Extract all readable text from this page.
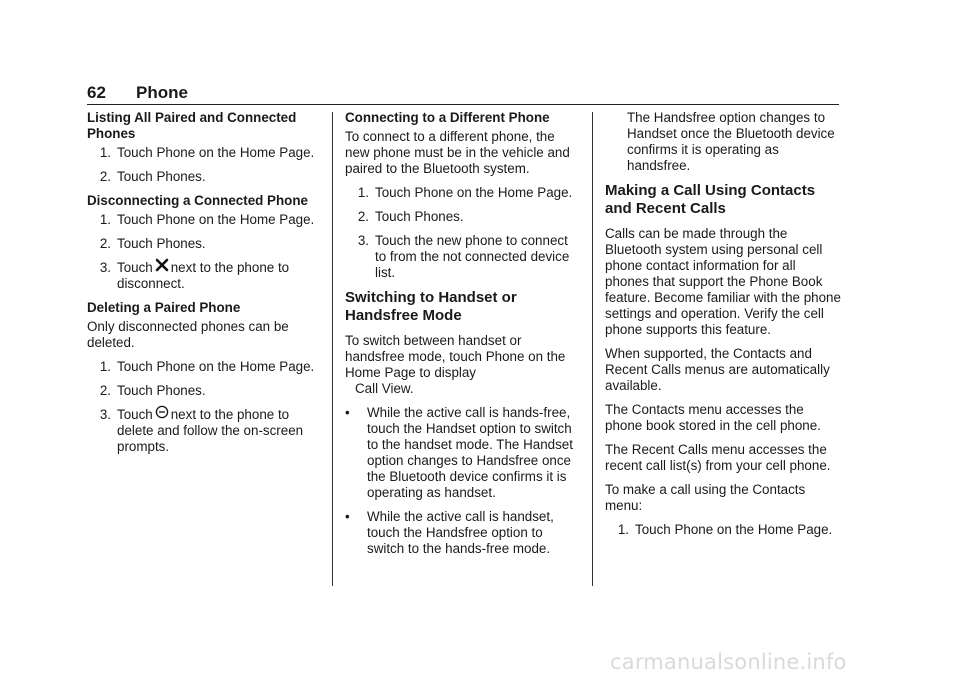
62 Phone

Listing All Paired and Connected Phones

1. Touch Phone on the Home Page.
2. Touch Phones.

Disconnecting a Connected Phone

1. Touch Phone on the Home Page.
2. Touch Phones.
3. Touch next to the phone to disconnect.

Deleting a Paired Phone

Only disconnected phones can be deleted.

1. Touch Phone on the Home Page.
2. Touch Phones.
3. Touch next to the phone to delete and follow the on-screen prompts.

Connecting to a Different Phone

To connect to a different phone, the new phone must be in the vehicle and paired to the Bluetooth system.

1. Touch Phone on the Home Page.
2. Touch Phones.
3. Touch the new phone to connect to from the not connected device list.
Switching to Handset or Handsfree Mode

To switch between handset or handsfree mode, touch Phone on the Home Page to display
Call View.

• While the active call is hands-free, touch the Handset option to switch to the handset mode. The Handset option changes to Handsfree once the Bluetooth device confirms it is operating as handset.
• While the active call is handset, touch the Handsfree option to switch to the hands-free mode.

The Handsfree option changes to Handset once the Bluetooth device confirms it is operating as handsfree.

Making a Call Using Contacts and Recent Calls

Calls can be made through the Bluetooth system using personal cell phone contact information for all phones that support the Phone Book feature. Become familiar with the phone settings and operation. Verify the cell phone supports this feature.

When supported, the Contacts and Recent Calls menus are automatically available.

The Contacts menu accesses the phone book stored in the cell phone.

The Recent Calls menu accesses the recent call list(s) from your cell phone.

To make a call using the Contacts menu:

1. Touch Phone on the Home Page.
carmanualsonline.info
